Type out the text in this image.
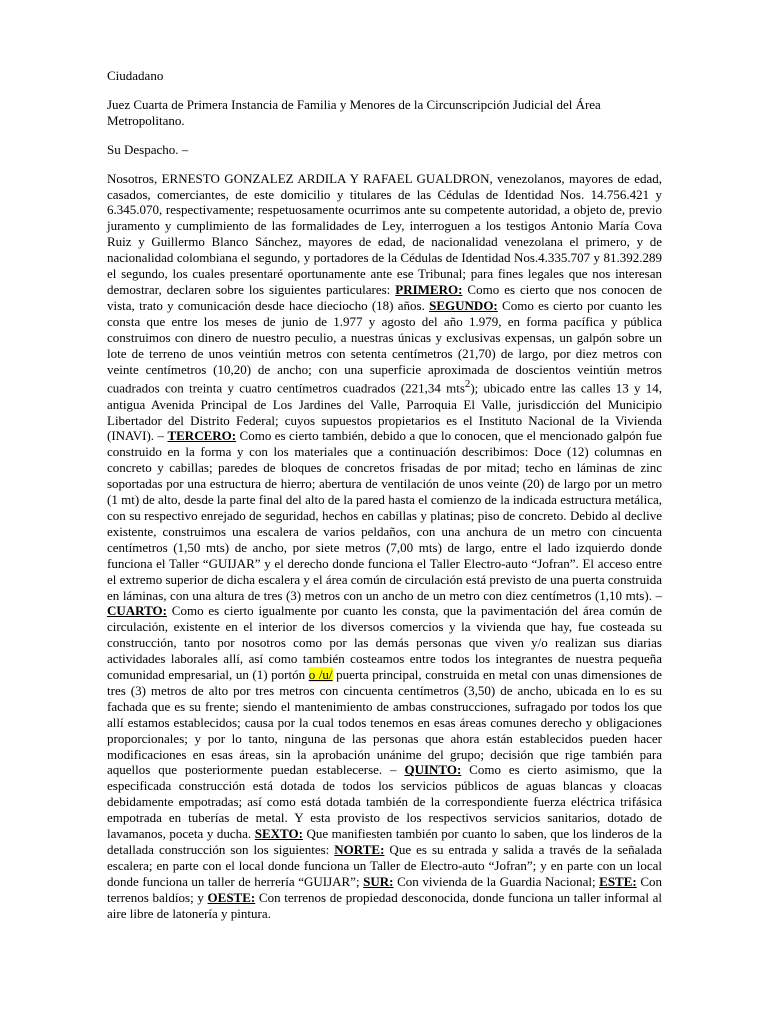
Ciudadano

Juez Cuarta de Primera Instancia de Familia y Menores de la Circunscripción Judicial del Área Metropolitano.

Su Despacho. –

Nosotros, ERNESTO GONZALEZ ARDILA Y RAFAEL GUALDRON, venezolanos, mayores de edad, casados, comerciantes, de este domicilio y titulares de las Cédulas de Identidad Nos. 14.756.421 y 6.345.070, respectivamente; respetuosamente ocurrimos ante su competente autoridad, a objeto de, previo juramento y cumplimiento de las formalidades de Ley, interroguen a los testigos Antonio María Cova Ruiz y Guillermo Blanco Sánchez, mayores de edad, de nacionalidad venezolana el primero, y de nacionalidad colombiana el segundo, y portadores de la Cédulas de Identidad Nos.4.335.707 y 81.392.289 el segundo, los cuales presentaré oportunamente ante ese Tribunal; para fines legales que nos interesan demostrar, declaren sobre los siguientes particulares: PRIMERO: Como es cierto que nos conocen de vista, trato y comunicación desde hace dieciocho (18) años. SEGUNDO: Como es cierto por cuanto les consta que entre los meses de junio de 1.977 y agosto del año 1.979, en forma pacífica y pública construimos con dinero de nuestro peculio, a nuestras únicas y exclusivas expensas, un galpón sobre un lote de terreno de unos veintiún metros con setenta centímetros (21,70) de largo, por diez metros con veinte centímetros (10,20) de ancho; con una superficie aproximada de doscientos veintiún metros cuadrados con treinta y cuatro centímetros cuadrados (221,34 mts$^2$); ubicado entre las calles 13 y 14, antigua Avenida Principal de Los Jardines del Valle, Parroquia El Valle, jurisdicción del Municipio Libertador del Distrito Federal; cuyos supuestos propietarios es el Instituto Nacional de la Vivienda (INAVI). – TERCERO: Como es cierto también, debido a que lo conocen, que el mencionado galpón fue construido en la forma y con los materiales que a continuación describimos: Doce (12) columnas en concreto y cabillas; paredes de bloques de concretos frisadas de por mitad; techo en láminas de zinc soportadas por una estructura de hierro; abertura de ventilación de unos veinte (20) de largo por un metro (1 mt) de alto, desde la parte final del alto de la pared hasta el comienzo de la indicada estructura metálica, con su respectivo enrejado de seguridad, hechos en cabillas y platinas; piso de concreto. Debido al declive existente, construimos una escalera de varios peldaños, con una anchura de un metro con cincuenta centímetros (1,50 mts) de ancho, por siete metros (7,00 mts) de largo, entre el lado izquierdo donde funciona el Taller “GUIJAR” y el derecho donde funciona el Taller Electro-auto “Jofran”. El acceso entre el extremo superior de dicha escalera y el área común de circulación está previsto de una puerta construida en láminas, con una altura de tres (3) metros con un ancho de un metro con diez centímetros (1,10 mts). – CUARTO: Como es cierto igualmente por cuanto les consta, que la pavimentación del área común de circulación, existente en el interior de los diversos comercios y la vivienda que hay, fue costeada su construcción, tanto por nosotros como por las demás personas que viven y/o realizan sus diarias actividades laborales allí, así como también costeamos entre todos los integrantes de nuestra pequeña comunidad empresarial, un (1) portón o /u/ puerta principal, construida en metal con unas dimensiones de tres (3) metros de alto por tres metros con cincuenta centímetros (3,50) de ancho, ubicada en lo es su fachada que es su frente; siendo el mantenimiento de ambas construcciones, sufragado por todos los que allí estamos establecidos; causa por la cual todos tenemos en esas áreas comunes derecho y obligaciones proporcionales; y por lo tanto, ninguna de las personas que ahora están establecidos pueden hacer modificaciones en esas áreas, sin la aprobación unánime del grupo; decisión que rige también para aquellos que posteriormente puedan establecerse. – QUINTO: Como es cierto asimismo, que la especificada construcción está dotada de todos los servicios públicos de aguas blancas y cloacas debidamente empotradas; así como está dotada también de la correspondiente fuerza eléctrica trifásica empotrada en tuberías de metal. Y esta provisto de los respectivos servicios sanitarios, dotado de lavamanos, poceta y ducha. SEXTO: Que manifiesten también por cuanto lo saben, que los linderos de la detallada construcción son los siguientes: NORTE: Que es su entrada y salida a través de la señalada escalera; en parte con el local donde funciona un Taller de Electro-auto “Jofran”; y en parte con un local donde funciona un taller de herrería “GUIJAR”; SUR: Con vivienda de la Guardia Nacional; ESTE: Con terrenos baldíos; y OESTE: Con terrenos de propiedad desconocida, donde funciona un taller informal al aire libre de latonería y pintura.
